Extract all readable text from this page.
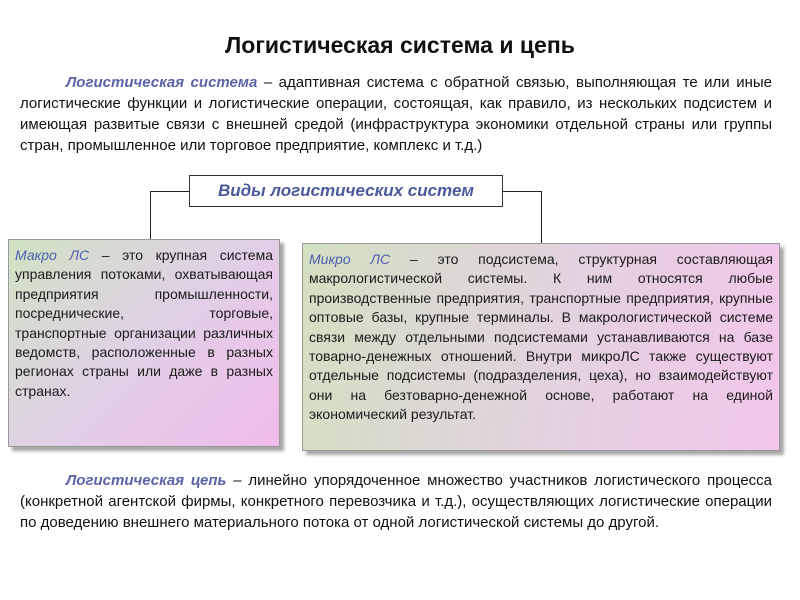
Логистическая система и цепь
Логистическая система – адаптивная система с обратной связью, выполняющая те или иные логистические функции и логистические операции, состоящая, как правило, из нескольких подсистем и имеющая развитые связи с внешней средой (инфраструктура экономики отдельной страны или группы стран, промышленное или торговое предприятие, комплекс и т.д.)
Виды логистических систем
Макро ЛС – это крупная система управления потоками, охватывающая предприятия промышленности, посреднические, торговые, транспортные организации различных ведомств, расположенные в разных регионах страны или даже в разных странах.
Микро ЛС – это подсистема, структурная составляющая макрологистической системы. К ним относятся любые производственные предприятия, транспортные предприятия, крупные оптовые базы, крупные терминалы. В макрологистической системе связи между отдельными подсистемами устанавливаются на базе товарно-денежных отношений. Внутри микроЛС также существуют отдельные подсистемы (подразделения, цеха), но взаимодействуют они на безтоварно-денежной основе, работают на единой экономический результат.
Логистическая цепь – линейно упорядоченное множество участников логистического процесса (конкретной агентской фирмы, конкретного перевозчика и т.д.), осуществляющих логистические операции по доведению внешнего материального потока от одной логистической системы до другой.
